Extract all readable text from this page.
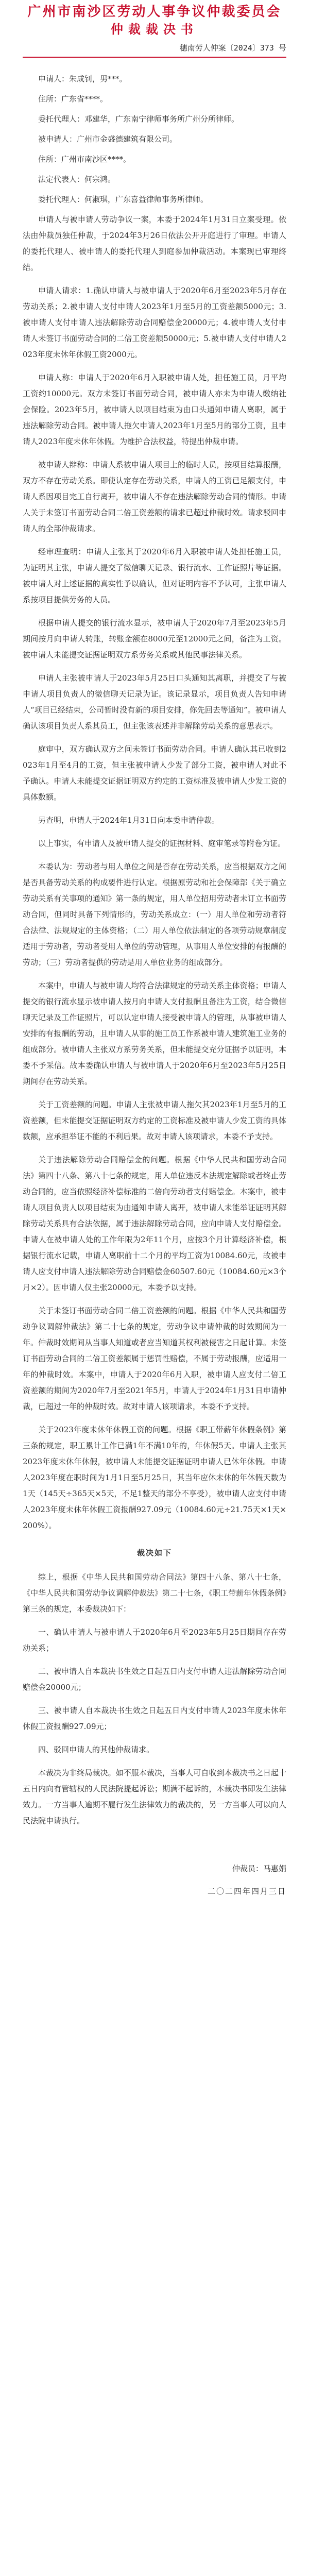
广州市南沙区劳动人事争议仲裁委员会
仲裁裁决书
穗南劳人仲案〔2024〕373 号

申请人：朱成钊，男***。

住所：广东省****。

委托代理人：邓建华，广东南宁律师事务所广州分所律师。

被申请人：广州市金盛德建筑有限公司。

住所：广州市南沙区****。

法定代表人：何宗鸿。

委托代理人：何淑琪，广东喜益律师事务所律师。

申请人与被申请人劳动争议一案，本委于2024年1月31日立案受理。依法由仲裁员独任仲裁，于2024年3月26日依法公开开庭进行了审理。申请人的委托代理人、被申请人的委托代理人到庭参加仲裁活动。本案现已审理终结。

申请人请求：1.确认申请人与被申请人于2020年6月至2023年5月存在劳动关系；2.被申请人支付申请人2023年1月至5月的工资差额5000元；3.被申请人支付申请人违法解除劳动合同赔偿金20000元；4.被申请人支付申请人未签订书面劳动合同的二倍工资差额50000元；5.被申请人支付申请人2023年度未休年休假工资2000元。

申请人称：申请人于2020年6月入职被申请人处，担任施工员，月平均工资约10000元。双方未签订书面劳动合同，被申请人亦未为申请人缴纳社会保险。2023年5月，被申请人以项目结束为由口头通知申请人离职，属于违法解除劳动合同。被申请人拖欠申请人2023年1月至5月的部分工资，且申请人2023年度未休年休假。为维护合法权益，特提出仲裁申请。

被申请人辩称：申请人系被申请人项目上的临时人员，按项目结算报酬，双方不存在劳动关系。即使认定存在劳动关系，申请人的工资已足额支付，申请人系因项目完工自行离开，被申请人不存在违法解除劳动合同的情形。申请人关于未签订书面劳动合同二倍工资差额的请求已超过仲裁时效。请求驳回申请人的全部仲裁请求。

经审理查明：申请人主张其于2020年6月入职被申请人处担任施工员，为证明其主张，申请人提交了微信聊天记录、银行流水、工作证照片等证据。被申请人对上述证据的真实性予以确认，但对证明内容不予认可，主张申请人系按项目提供劳务的人员。

根据申请人提交的银行流水显示，被申请人于2020年7月至2023年5月期间按月向申请人转账，转账金额在8000元至12000元之间，备注为工资。被申请人未能提交证据证明双方系劳务关系或其他民事法律关系。

申请人主张被申请人于2023年5月25日口头通知其离职，并提交了与被申请人项目负责人的微信聊天记录为证。该记录显示，项目负责人告知申请人“项目已经结束，公司暂时没有新的项目安排，你先回去等通知”。被申请人确认该项目负责人系其员工，但主张该表述并非解除劳动关系的意思表示。

庭审中，双方确认双方之间未签订书面劳动合同。申请人确认其已收到2023年1月至4月的工资，但主张被申请人少发了部分工资，被申请人对此不予确认。申请人未能提交证据证明双方约定的工资标准及被申请人少发工资的具体数额。

另查明，申请人于2024年1月31日向本委申请仲裁。

以上事实，有申请人及被申请人提交的证据材料、庭审笔录等附卷为证。

本委认为：劳动者与用人单位之间是否存在劳动关系，应当根据双方之间是否具备劳动关系的构成要件进行认定。根据原劳动和社会保障部《关于确立劳动关系有关事项的通知》第一条的规定，用人单位招用劳动者未订立书面劳动合同，但同时具备下列情形的，劳动关系成立：（一）用人单位和劳动者符合法律、法规规定的主体资格；（二）用人单位依法制定的各项劳动规章制度适用于劳动者，劳动者受用人单位的劳动管理，从事用人单位安排的有报酬的劳动；（三）劳动者提供的劳动是用人单位业务的组成部分。

本案中，申请人与被申请人均符合法律规定的劳动关系主体资格；申请人提交的银行流水显示被申请人按月向申请人支付报酬且备注为工资，结合微信聊天记录及工作证照片，可以认定申请人接受被申请人的管理，从事被申请人安排的有报酬的劳动，且申请人从事的施工员工作系被申请人建筑施工业务的组成部分。被申请人主张双方系劳务关系，但未能提交充分证据予以证明，本委不予采信。故本委确认申请人与被申请人于2020年6月至2023年5月25日期间存在劳动关系。

关于工资差额的问题。申请人主张被申请人拖欠其2023年1月至5月的工资差额，但未能提交证据证明双方约定的工资标准及被申请人少发工资的具体数额，应承担举证不能的不利后果。故对申请人该项请求，本委不予支持。

关于违法解除劳动合同赔偿金的问题。根据《中华人民共和国劳动合同法》第四十八条、第八十七条的规定，用人单位违反本法规定解除或者终止劳动合同的，应当依照经济补偿标准的二倍向劳动者支付赔偿金。本案中，被申请人项目负责人以项目结束为由通知申请人离开，被申请人未能举证证明其解除劳动关系具有合法依据，属于违法解除劳动合同，应向申请人支付赔偿金。申请人在被申请人处的工作年限为2年11个月，应按3个月计算经济补偿，根据银行流水记载，申请人离职前十二个月的平均工资为10084.60元，故被申请人应支付申请人违法解除劳动合同赔偿金60507.60元（10084.60元×3个月×2）。因申请人仅主张20000元，本委予以支持。

关于未签订书面劳动合同二倍工资差额的问题。根据《中华人民共和国劳动争议调解仲裁法》第二十七条的规定，劳动争议申请仲裁的时效期间为一年。仲裁时效期间从当事人知道或者应当知道其权利被侵害之日起计算。未签订书面劳动合同的二倍工资差额属于惩罚性赔偿，不属于劳动报酬，应适用一年的仲裁时效。本案中，申请人于2020年6月入职，被申请人应支付二倍工资差额的期间为2020年7月至2021年5月，申请人于2024年1月31日申请仲裁，已超过一年的仲裁时效。故对申请人该项请求，本委不予支持。

关于2023年度未休年休假工资的问题。根据《职工带薪年休假条例》第三条的规定，职工累计工作已满1年不满10年的，年休假5天。申请人主张其2023年度未休年休假，被申请人未能提交证据证明申请人已休年休假。申请人2023年度在职时间为1月1日至5月25日，其当年应休未休的年休假天数为1天（145天÷365天×5天，不足1整天的部分不享受），被申请人应支付申请人2023年度未休年休假工资报酬927.09元（10084.60元÷21.75天×1天×200%）。

裁决如下

综上，根据《中华人民共和国劳动合同法》第四十八条、第八十七条，《中华人民共和国劳动争议调解仲裁法》第二十七条，《职工带薪年休假条例》第三条的规定，本委裁决如下：

一、确认申请人与被申请人于2020年6月至2023年5月25日期间存在劳动关系；

二、被申请人自本裁决书生效之日起五日内支付申请人违法解除劳动合同赔偿金20000元；

三、被申请人自本裁决书生效之日起五日内支付申请人2023年度未休年休假工资报酬927.09元；

四、驳回申请人的其他仲裁请求。

本裁决为非终局裁决。如不服本裁决，当事人可自收到本裁决书之日起十五日内向有管辖权的人民法院提起诉讼；期满不起诉的，本裁决书即发生法律效力。一方当事人逾期不履行发生法律效力的裁决的，另一方当事人可以向人民法院申请执行。

仲裁员：马惠娟
二〇二四年四月三日
